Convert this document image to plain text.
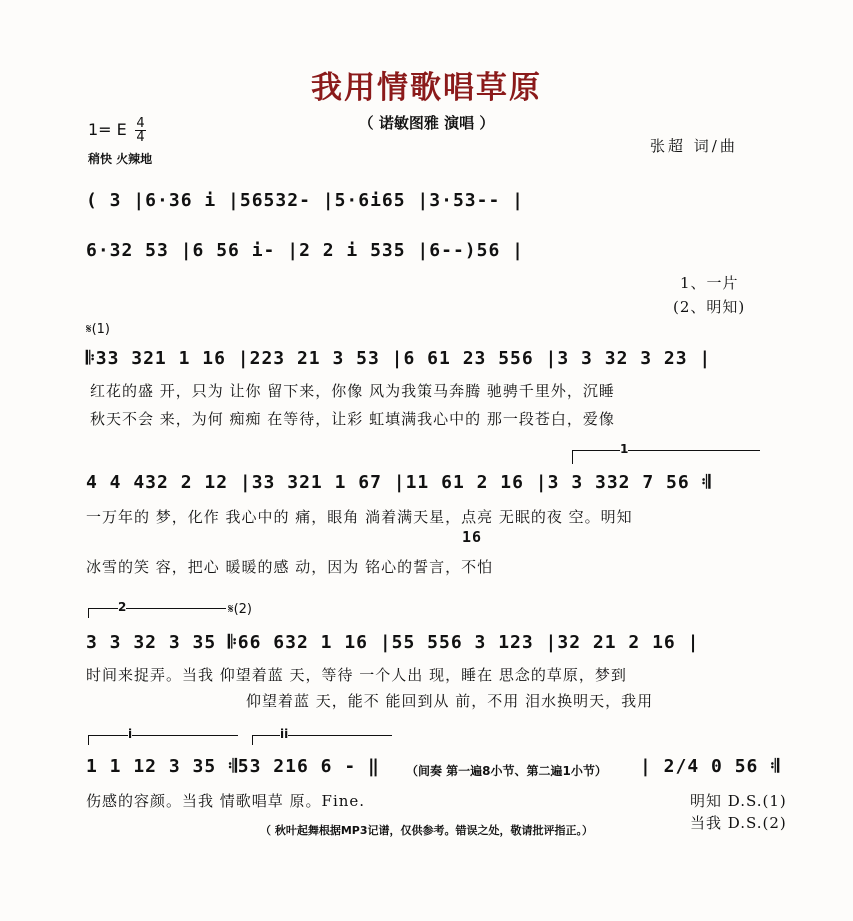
我用情歌唱草原
（ 诺敏图雅 演唱 ）
1= E 4
4
稍快 火辣地
张超 词/曲
( 3 |6·36 i |56532- |5·6i65 |3·53-- |
6·32 53 |6 56 i- |2 2 i 535 |6--)56 |
1、一片
(2、明知)
𝄋(1)
𝄆33 321 1 16 |223 21 3 53 |6 61 23 556 |3 3 32 3 23 |
红花的盛 开，只为 让你 留下来，你像 风为我策马奔腾 驰骋千里外，沉睡
秋天不会 来，为何 痴痴 在等待，让彩 虹填满我心中的 那一段苍白，爱像
4 4 432 2 12 |33 321 1 67 |11 61 2 16 |3 3 332 7 56 𝄇
一万年的 梦，化作 我心中的 痛，眼角 淌着满天星，点亮 无眠的夜 空。明知
16
冰雪的笑 容，把心 暖暖的感 动，因为 铭心的誓言，不怕
2
1
𝄋(2)
3 3 32 3 35 𝄆66 632 1 16 |55 556 3 123 |32 21 2 16 |
时间来捉弄。当我 仰望着蓝 天，等待 一个人出 现，睡在 思念的草原，梦到
仰望着蓝 天，能不 能回到从 前，不用 泪水换明天，我用
i	ii
1 1 12 3 35 𝄇53 216 6 - ‖ （间奏 第一遍8小节、第二遍1小节） | 2/4 0 56 𝄇
伤感的容颜。当我 情歌唱草 原。Fine.	明知 D.S.(1)
当我 D.S.(2)
（ 秋叶起舞根据MP3记谱，仅供参考。错误之处，敬请批评指正。）
